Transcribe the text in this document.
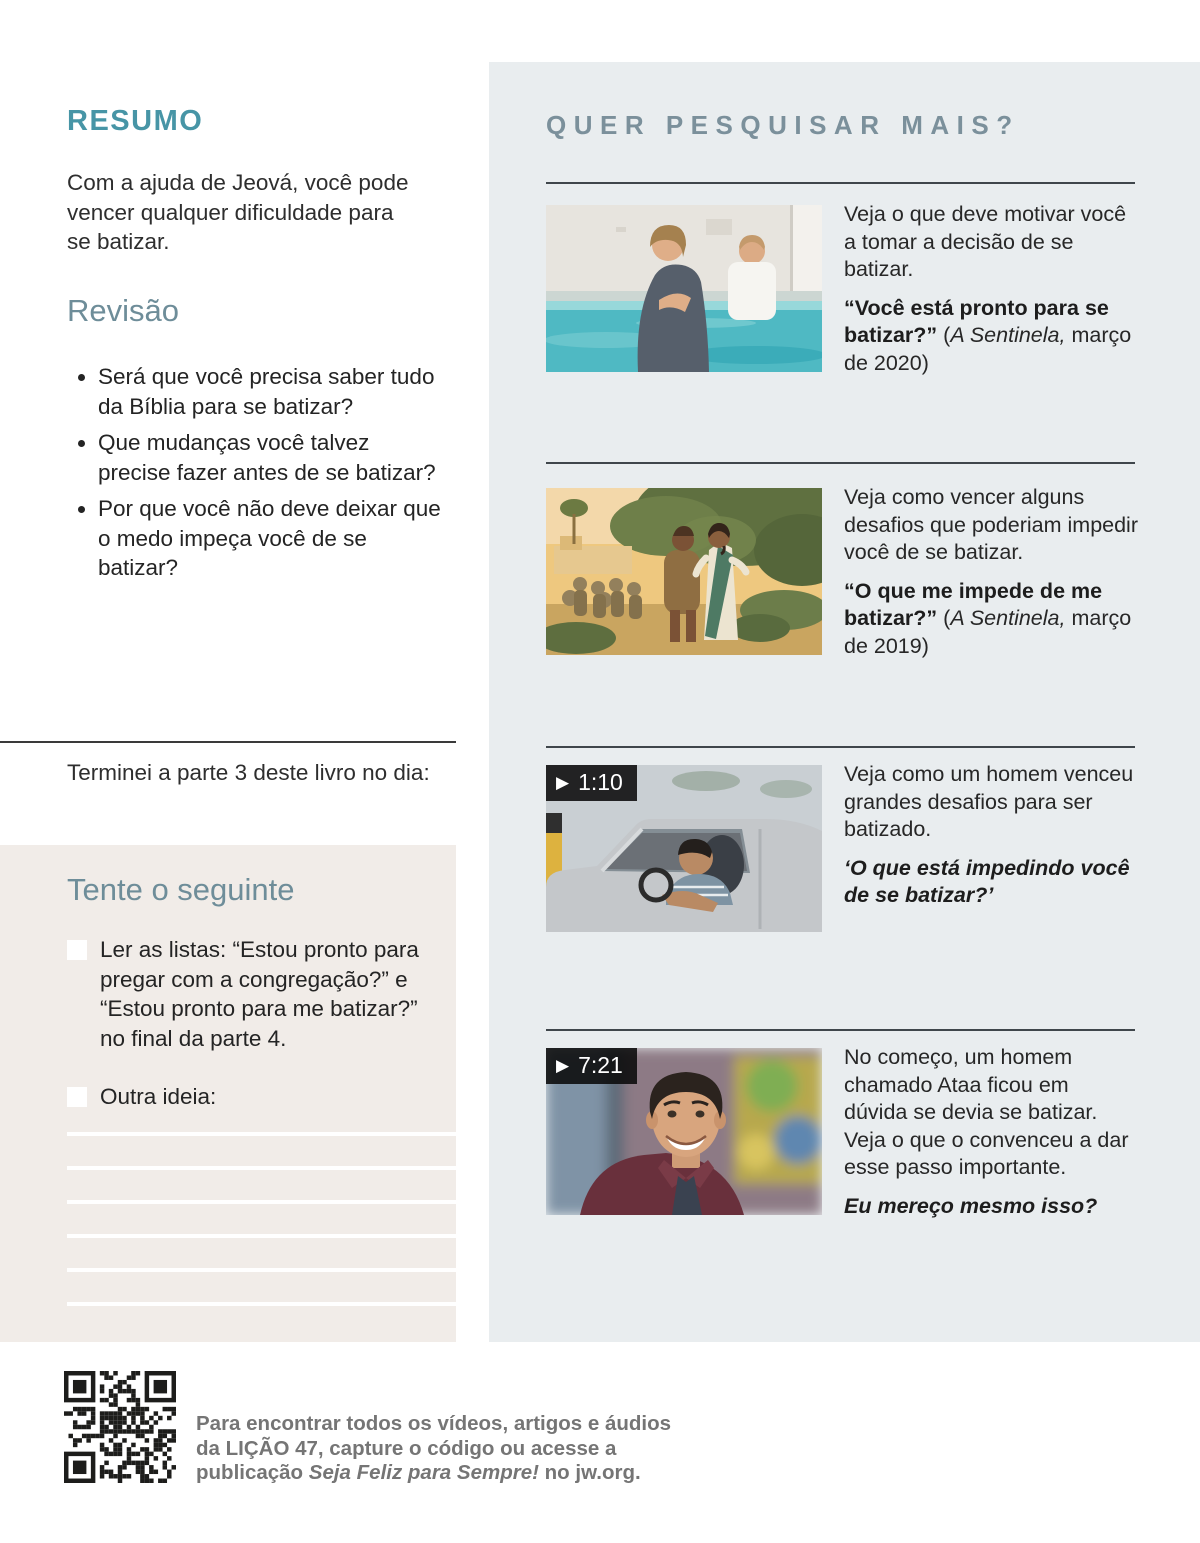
RESUMO

Com a ajuda de Jeová, você pode vencer qualquer dificuldade para se batizar.

Revisão
• Será que você precisa saber tudo da Bíblia para se batizar?
• Que mudanças você talvez precise fazer antes de se batizar?
• Por que você não deve deixar que o medo impeça você de se batizar?

Terminei a parte 3 deste livro no dia:

Tente o seguinte
Ler as listas: “Estou pronto para pregar com a congregação?” e “Estou pronto para me batizar?” no final da parte 4.
Outra ideia:
QUER PESQUISAR MAIS?

Veja o que deve motivar você a tomar a decisão de se batizar.

“Você está pronto para se batizar?” (A Sentinela, março de 2020)

Veja como vencer alguns desafios que poderiam impedir você de se batizar.

“O que me impede de me batizar?” (A Sentinela, março de 2019)

▶ 1:10	Veja como um homem venceu grandes desafios para ser batizado.

‘O que está impedindo você de se batizar?’

▶ 7:21	No começo, um homem chamado Ataa ficou em dúvida se devia se batizar. Veja o que o convenceu a dar esse passo importante.

Eu mereço mesmo isso?

Para encontrar todos os vídeos, artigos e áudios da LIÇÃO 47, capture o código ou acesse a publicação Seja Feliz para Sempre! no jw.org.
